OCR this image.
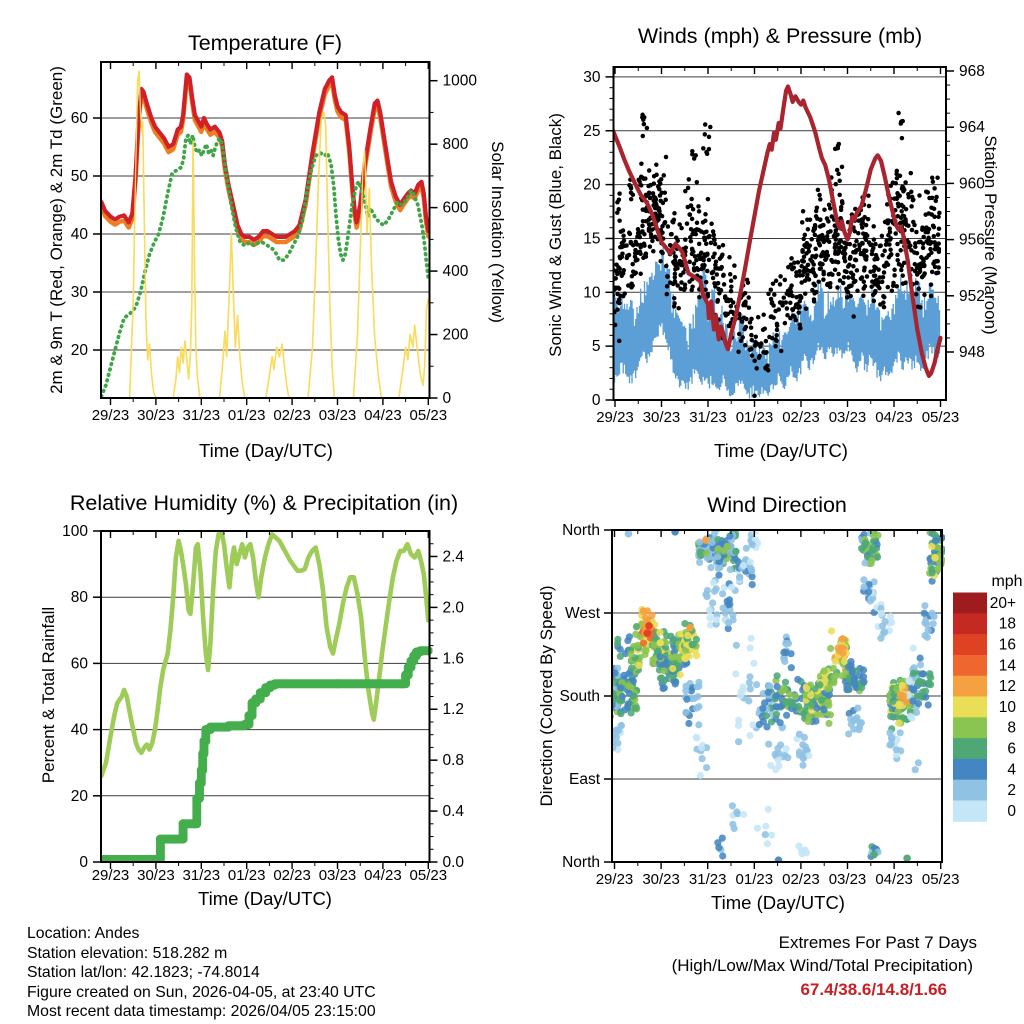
20
30
40
50
60
0
200
400
600
800
1000
29/23 30/23 31/23 01/23 02/23 03/23 04/23 05/23
0
5
10
15
20
25
30
948
952
956
960
964
968
29/23 30/23 31/23 01/23 02/23 03/23 04/23 05/23
0
20
40
60
80
100
0.0
0.4
0.8
1.2
1.6
2.0
2.4
29/23 30/23 31/23 01/23 02/23 03/23 04/23 05/23
North
West
South
East
North
29/23 30/23 31/23 01/23 02/23 03/23 04/23 05/23
mph
20+
18
16
14
12
10
8
6
4
2
0
Temperature (F)	Winds (mph) & Pressure (mb)
Relative Humidity (%) & Precipitation (in)	Wind Direction
2m & 9m T (Red, Orange) & 2m Td (Green)	Solar Insolation (Yellow) Sonic Wind & Gust (Blue, Black)	Station Pressure (Maroon)
Percent & Total Rainfall	Direction (Colored By Speed)
Time (Day/UTC)	Time (Day/UTC)
Time (Day/UTC)	Time (Day/UTC)
Location: Andes
Station elevation: 518.282 m
Station lat/lon: 42.1823; -74.8014
Figure created on Sun, 2026-04-05, at 23:40 UTC
Most recent data timestamp: 2026/04/05 23:15:00
Extremes For Past 7 Days
(High/Low/Max Wind/Total Precipitation)
67.4/38.6/14.8/1.66
